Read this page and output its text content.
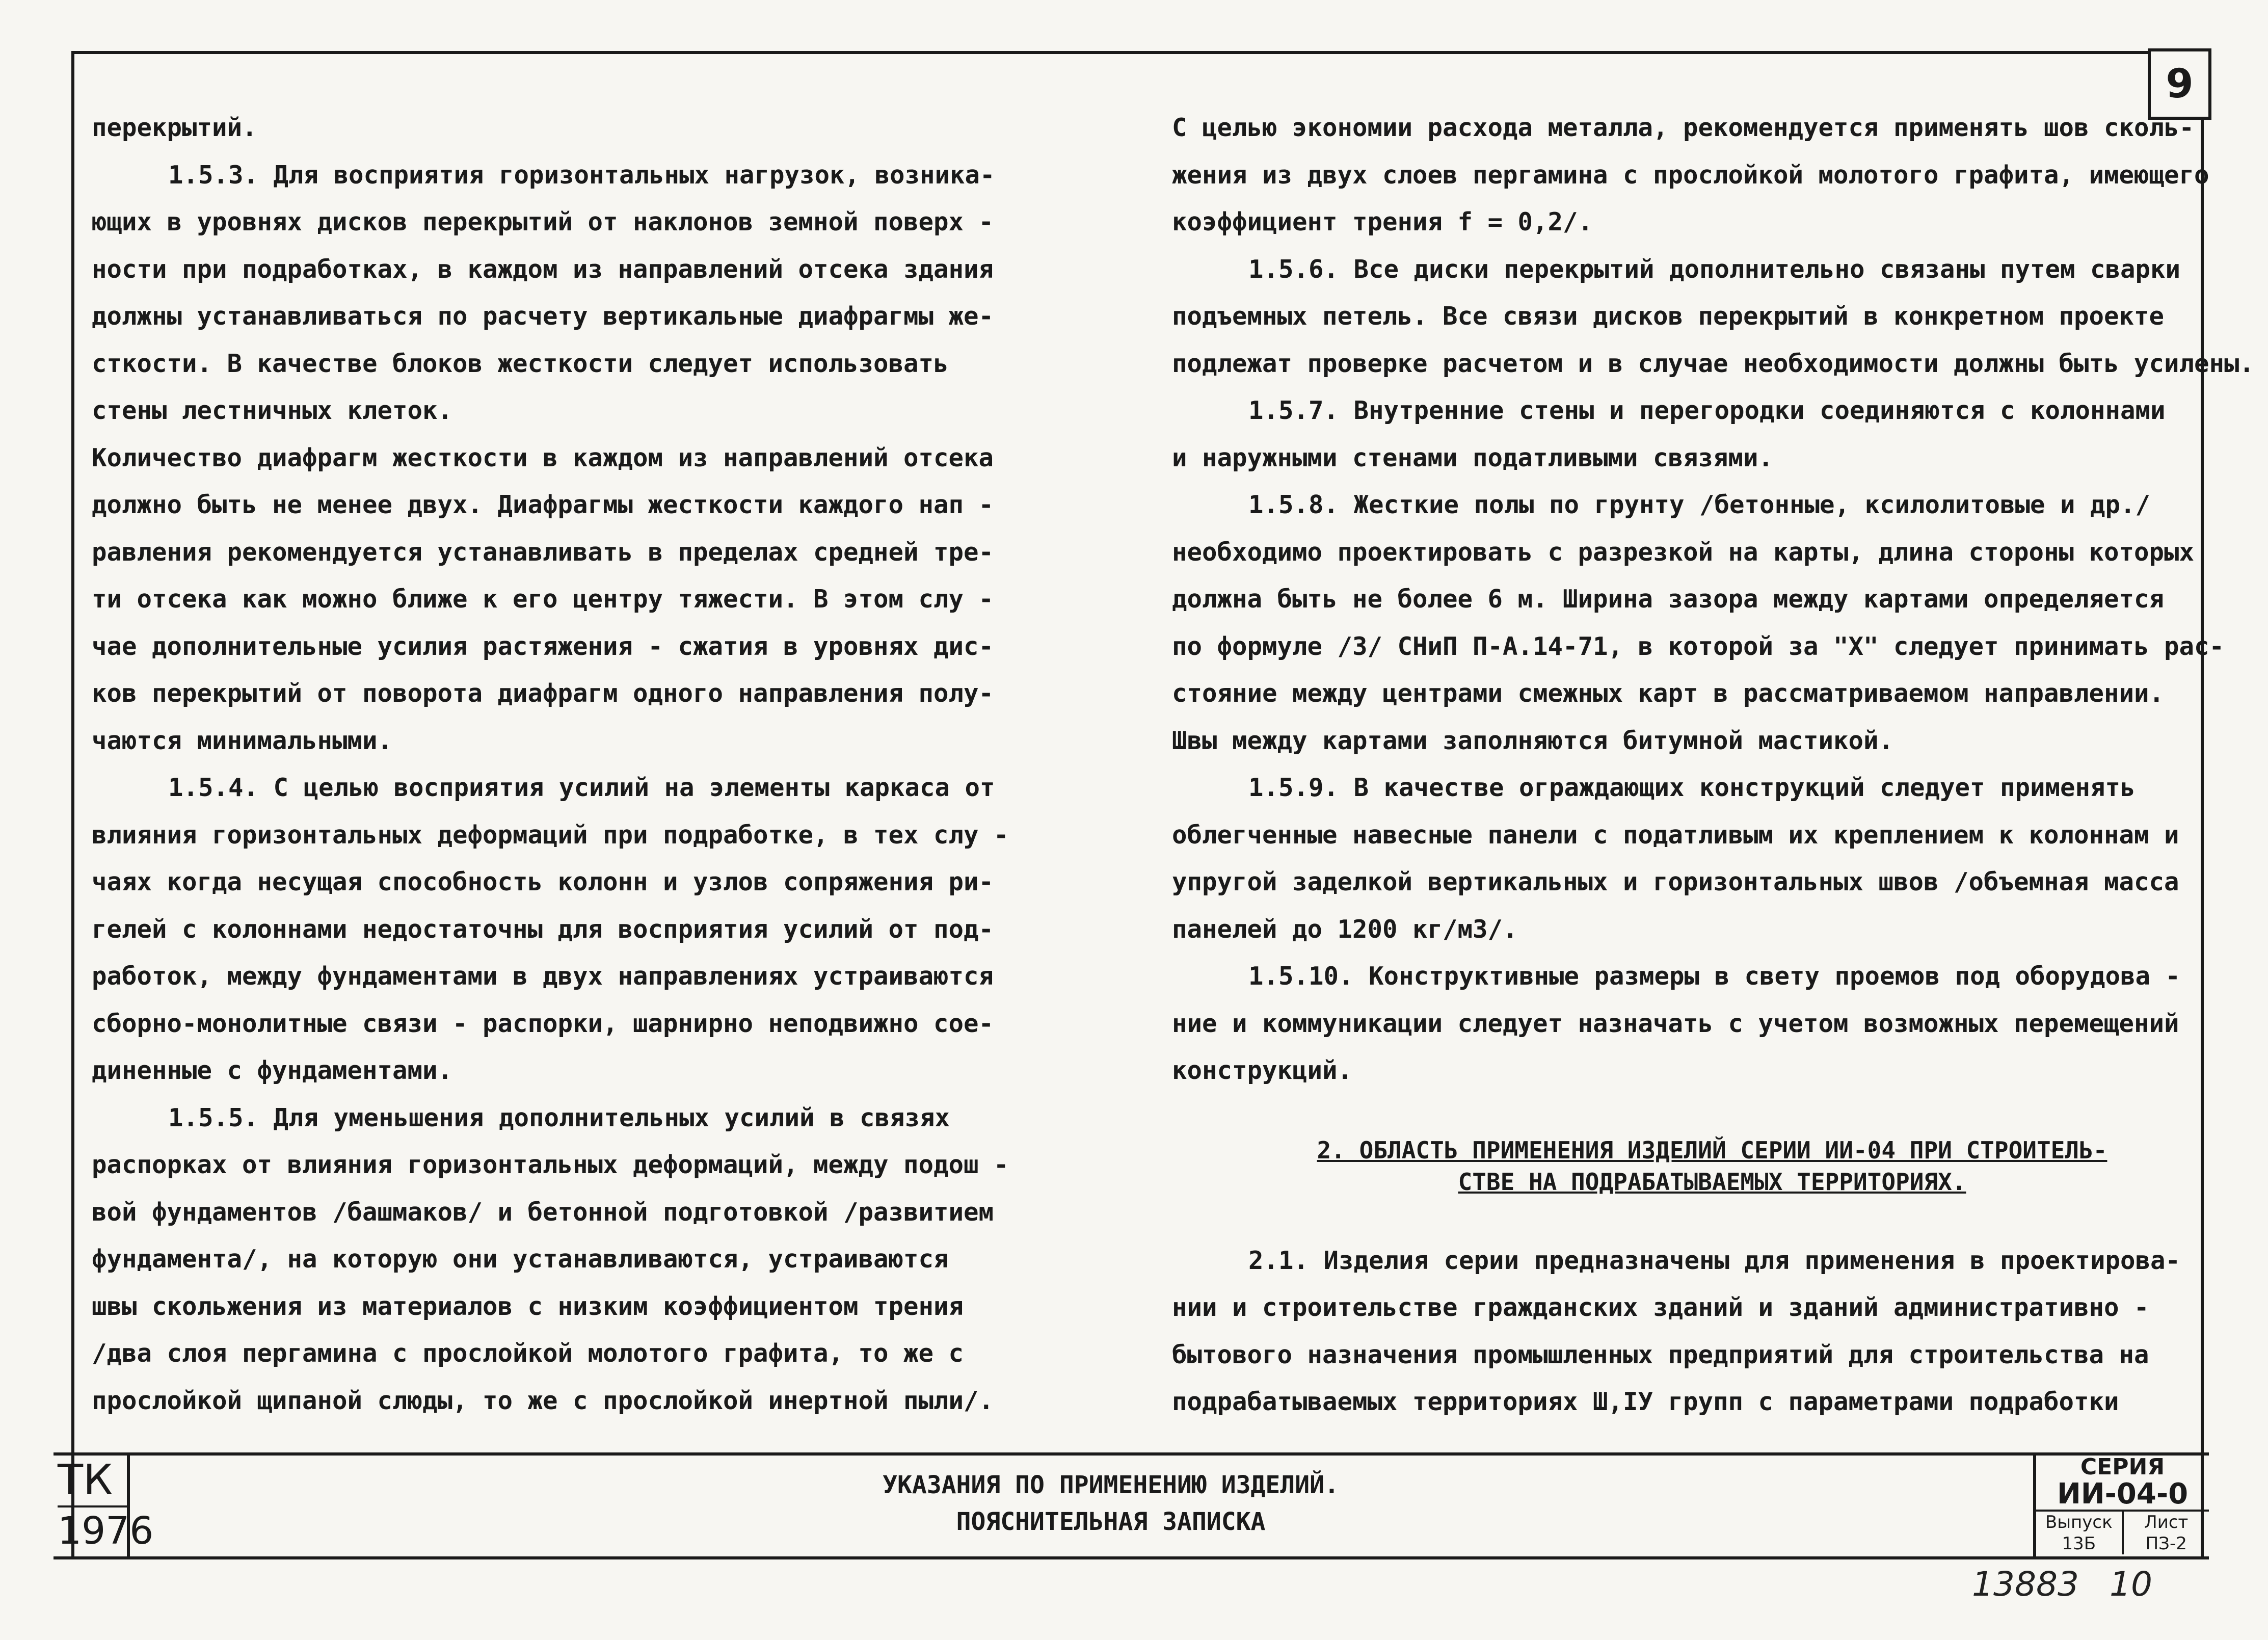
9

перекрытий.

1.5.3. Для восприятия горизонтальных нагрузок, возника-

ющих в уровнях дисков перекрытий от наклонов земной поверх -

ности при подработках, в каждом из направлений отсека здания

должны устанавливаться по расчету вертикальные диафрагмы же-

сткости. В качестве блоков жесткости следует использовать

стены лестничных клеток.

Количество диафрагм жесткости в каждом из направлений отсека

должно быть не менее двух. Диафрагмы жесткости каждого нап -

равления рекомендуется устанавливать в пределах средней тре-

ти отсека как можно ближе к его центру тяжести. В этом слу -

чае дополнительные усилия растяжения - сжатия в уровнях дис-

ков перекрытий от поворота диафрагм одного направления полу-

чаются минимальными.

1.5.4. С целью восприятия усилий на элементы каркаса от

влияния горизонтальных деформаций при подработке, в тех слу -

чаях когда несущая способность колонн и узлов сопряжения ри-

гелей с колоннами недостаточны для восприятия усилий от под-

работок, между фундаментами в двух направлениях устраиваются

сборно-монолитные связи - распорки, шарнирно неподвижно сое-

диненные с фундаментами.

1.5.5. Для уменьшения дополнительных усилий в связях

распорках от влияния горизонтальных деформаций, между подош -

вой фундаментов /башмаков/ и бетонной подготовкой /развитием

фундамента/, на которую они устанавливаются, устраиваются

швы скольжения из материалов с низким коэффициентом трения

/два слоя пергамина с прослойкой молотого графита, то же с

прослойкой щипаной слюды, то же с прослойкой инертной пыли/.

С целью экономии расхода металла, рекомендуется применять шов сколь-

жения из двух слоев пергамина с прослойкой молотого графита, имеющего

коэффициент трения f = 0,2/.

1.5.6. Все диски перекрытий дополнительно связаны путем сварки

подъемных петель. Все связи дисков перекрытий в конкретном проекте

подлежат проверке расчетом и в случае необходимости должны быть усилены.

1.5.7. Внутренние стены и перегородки соединяются с колоннами

и наружными стенами податливыми связями.

1.5.8. Жесткие полы по грунту /бетонные, ксилолитовые и др./

необходимо проектировать с разрезкой на карты, длина стороны которых

должна быть не более 6 м. Ширина зазора между картами определяется

по формуле /3/ СНиП П-А.14-71, в которой за "Х" следует принимать рас-

стояние между центрами смежных карт в рассматриваемом направлении.

Швы между картами заполняются битумной мастикой.

1.5.9. В качестве ограждающих конструкций следует применять

облегченные навесные панели с податливым их креплением к колоннам и

упругой заделкой вертикальных и горизонтальных швов /объемная масса

панелей до 1200 кг/м3/.

1.5.10. Конструктивные размеры в свету проемов под оборудова -

ние и коммуникации следует назначать с учетом возможных перемещений

конструкций.

2. ОБЛАСТЬ ПРИМЕНЕНИЯ ИЗДЕЛИЙ СЕРИИ ИИ-04 ПРИ СТРОИТЕЛЬ-
СТВЕ НА ПОДРАБАТЫВАЕМЫХ ТЕРРИТОРИЯХ.

2.1. Изделия серии предназначены для применения в проектирова-

нии и строительстве гражданских зданий и зданий административно -

бытового назначения промышленных предприятий для строительства на

подрабатываемых территориях Ш,IУ групп с параметрами подработки

ТК
1976
УКАЗАНИЯ ПО ПРИМЕНЕНИЮ ИЗДЕЛИЙ.
ПОЯСНИТЕЛЬНАЯ ЗАПИСКА
СЕРИЯ
ИИ-04-0
Выпуск	Лист
13Б	ПЗ-2
13883 10
